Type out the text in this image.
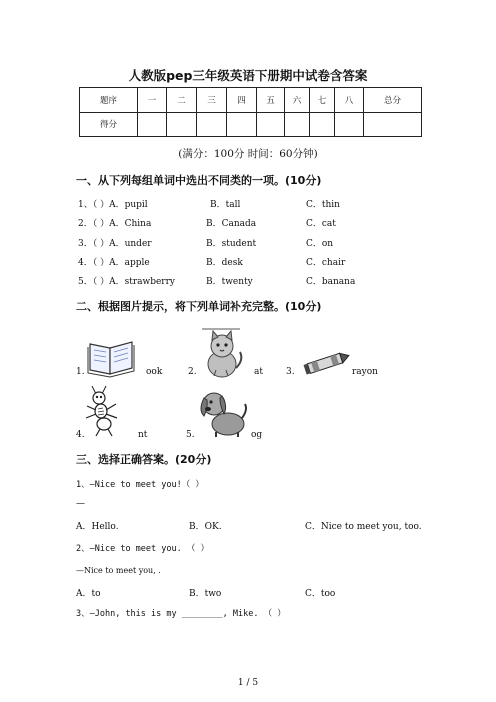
人教版pep三年级英语下册期中试卷含答案
题序	一	二	三	四	五	六	七	八	总分
得分									
(满分：100分 时间：60分钟)
一、从下列每组单词中选出不同类的一项。(10分)
1、（ ）A．pupil	B．tall	C．thin
2．（ ）A．China	B．Canada	C．cat
3．（ ）A．under	B．student	C．on
4．（ ）A．apple	B．desk	C．chair
5．（ ）A．strawberry	B．twenty	C．banana
二、根据图片提示，将下列单词补充完整。(10分)
1.	ook	2.	at	3.	rayon
4.	nt	5.	og
三、选择正确答案。(20分)
1、—Nice to meet you!（ ）
—
A．Hello.	B．OK.	C．Nice to meet you, too.
2、—Nice to meet you. （ ）
—Nice to meet you, .
A．to	B．two	C．too
3、—John, this is my ________, Mike. （ ）
1 / 5
